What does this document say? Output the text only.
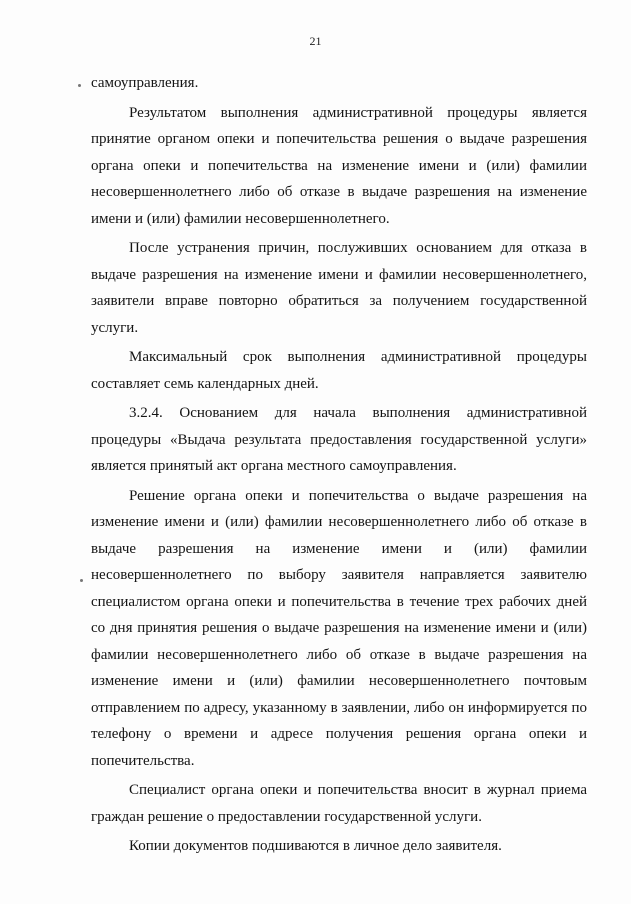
21

самоуправления.

Результатом выполнения административной процедуры является принятие органом опеки и попечительства решения о выдаче разрешения органа опеки и попечительства на изменение имени и (или) фамилии несовершеннолетнего либо об отказе в выдаче разрешения на изменение имени и (или) фамилии несовершеннолетнего.

После устранения причин, послуживших основанием для отказа в выдаче разрешения на изменение имени и фамилии несовершеннолетнего, заявители вправе повторно обратиться за получением государственной услуги.

Максимальный срок выполнения административной процедуры составляет семь календарных дней.

3.2.4. Основанием для начала выполнения административной процедуры «Выдача результата предоставления государственной услуги» является принятый акт органа местного самоуправления.

Решение органа опеки и попечительства о выдаче разрешения на изменение имени и (или) фамилии несовершеннолетнего либо об отказе в выдаче разрешения на изменение имени и (или) фамилии несовершеннолетнего по выбору заявителя направляется заявителю специалистом органа опеки и попечительства в течение трех рабочих дней со дня принятия решения о выдаче разрешения на изменение имени и (или) фамилии несовершеннолетнего либо об отказе в выдаче разрешения на изменение имени и (или) фамилии несовершеннолетнего почтовым отправлением по адресу, указанному в заявлении, либо он информируется по телефону о времени и адресе получения решения органа опеки и попечительства.

Специалист органа опеки и попечительства вносит в журнал приема граждан решение о предоставлении государственной услуги.

Копии документов подшиваются в личное дело заявителя.
